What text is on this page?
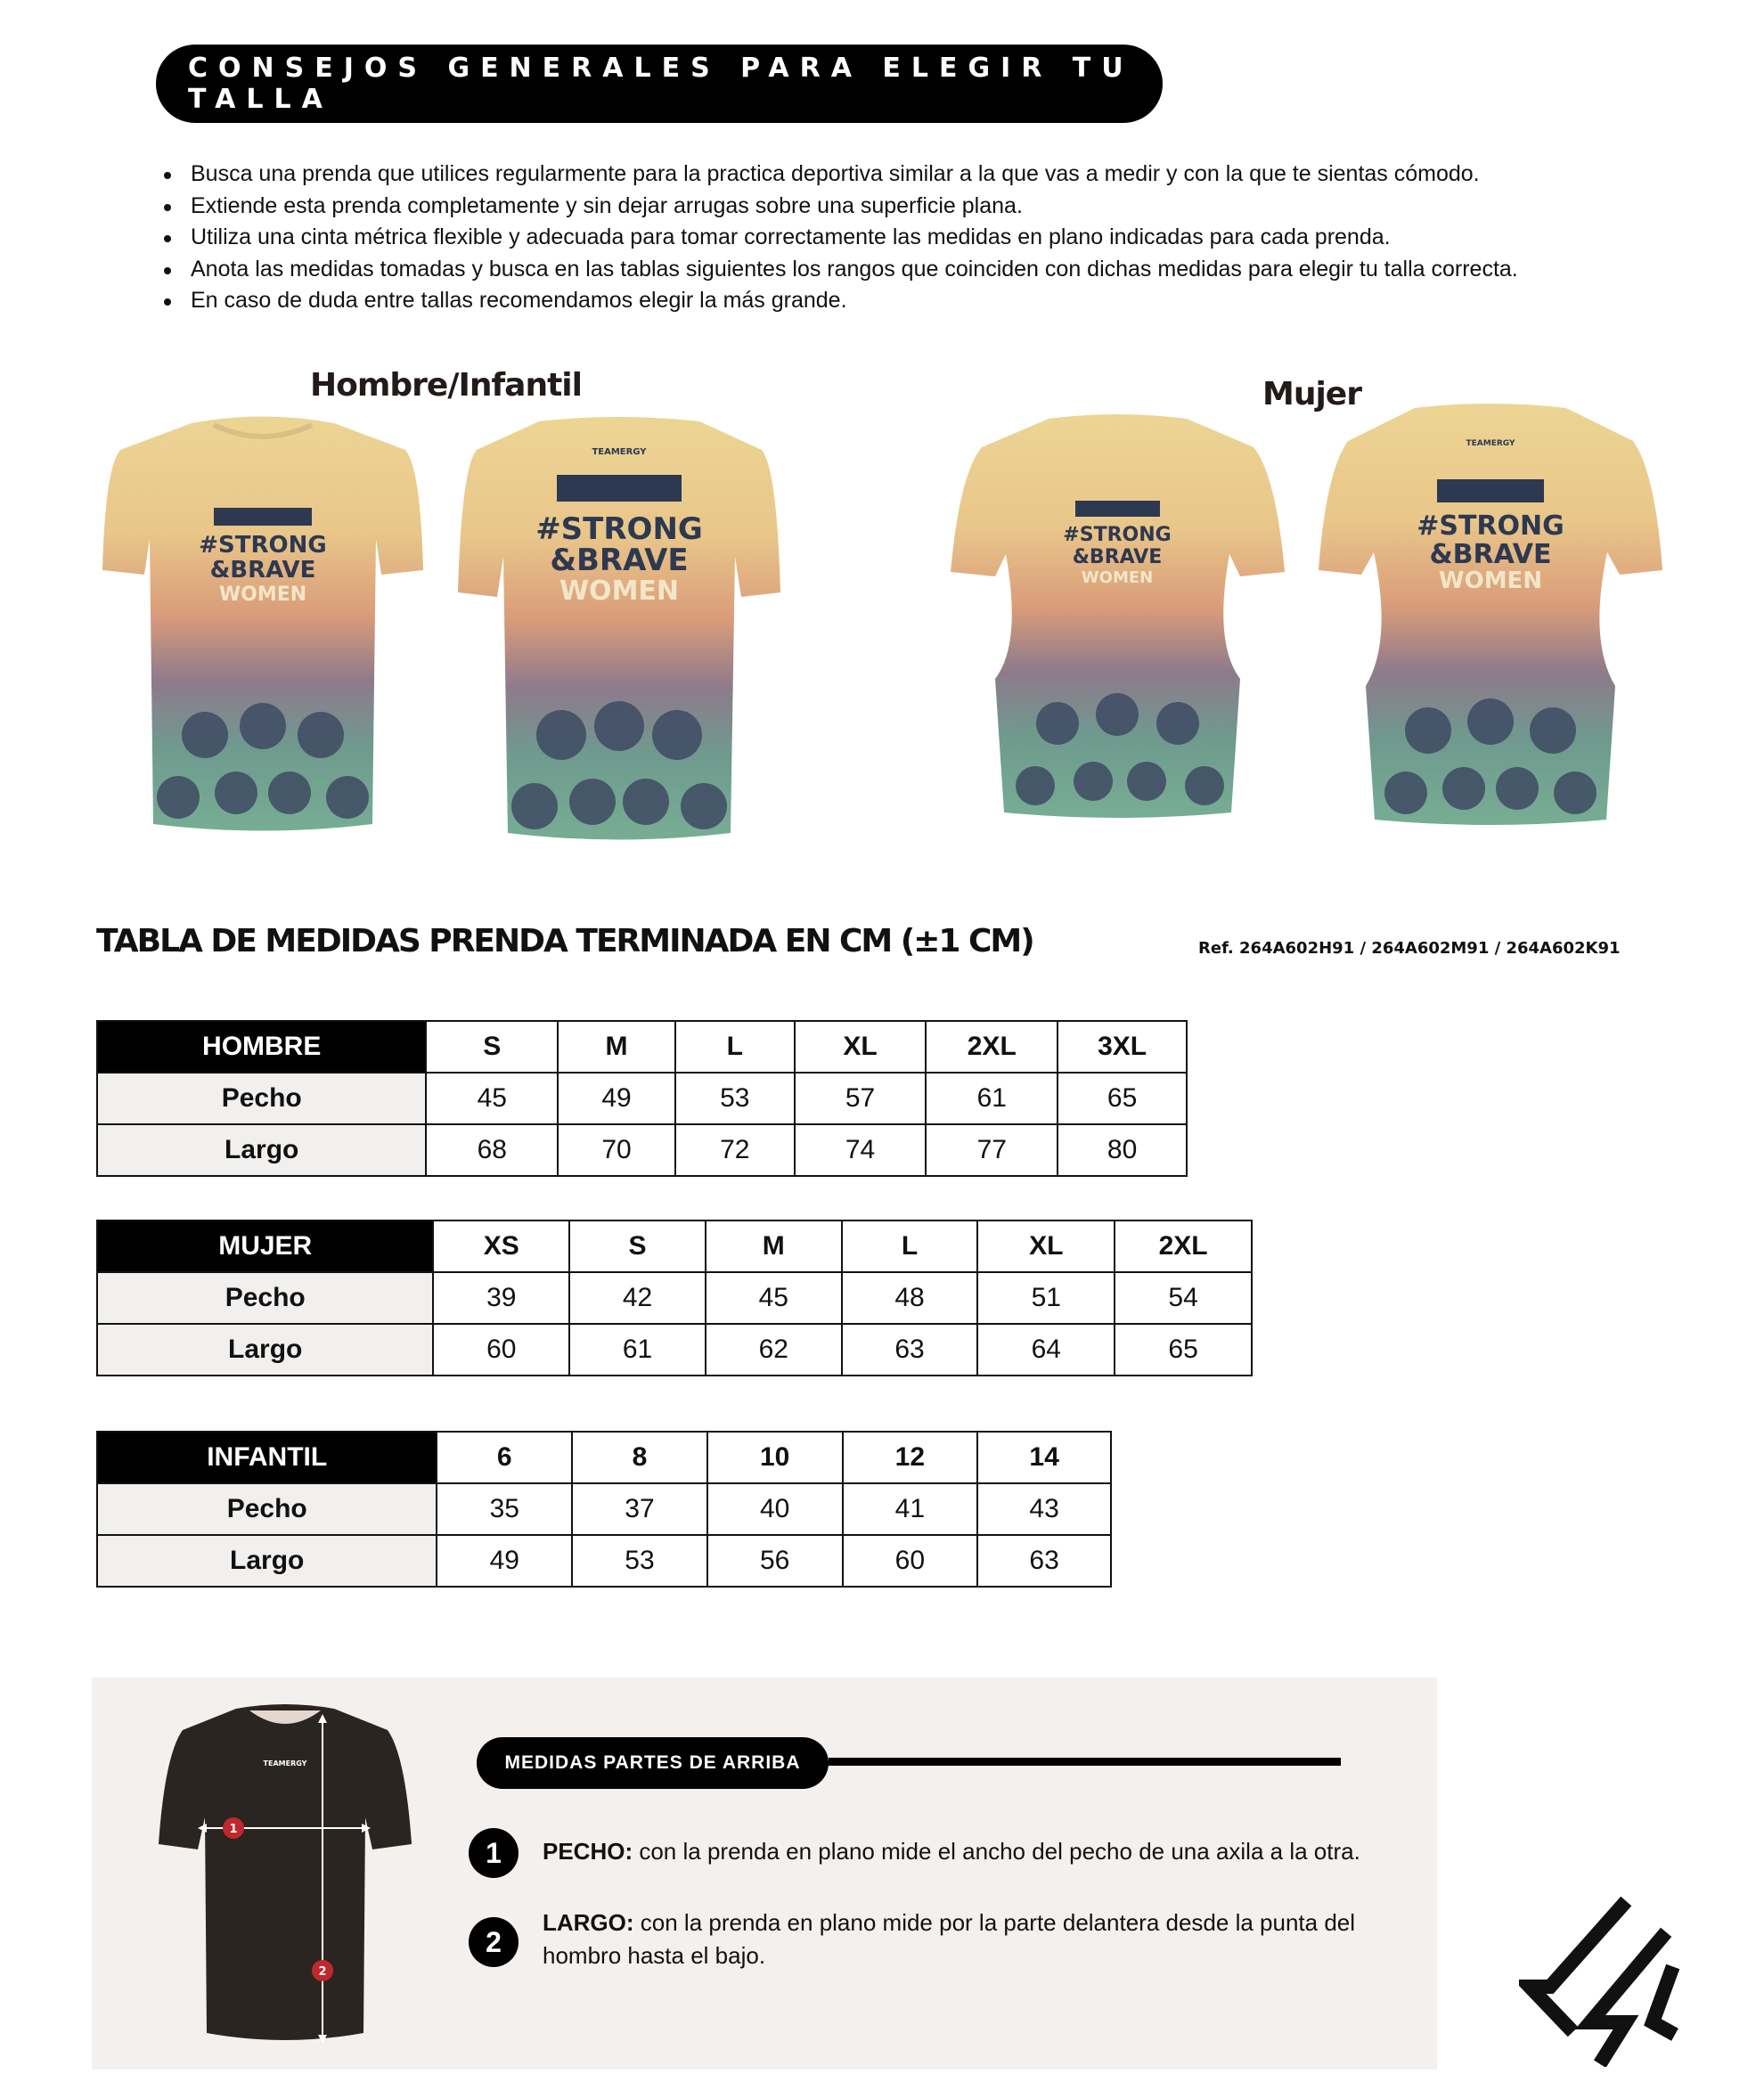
CONSEJOS GENERALES PARA ELEGIR TU TALLA
Busca una prenda que utilices regularmente para la practica deportiva similar a la que vas a medir y con la que te sientas cómodo.
Extiende esta prenda completamente y sin dejar arrugas sobre una superficie plana.
Utiliza una cinta métrica flexible y adecuada para tomar correctamente las medidas en plano indicadas para cada prenda.
Anota las medidas tomadas y busca en las tablas siguientes los rangos que coinciden con dichas medidas para elegir tu talla correcta.
En caso de duda entre tallas recomendamos elegir la más grande.
Hombre/Infantil	Mujer
#STRONG
&BRAVE
WOMEN
TEAMERGY
#STRONG
&BRAVE
WOMEN
#STRONG
&BRAVE
WOMEN
TEAMERGY
#STRONG
&BRAVE
WOMEN
TABLA DE MEDIDAS PRENDA TERMINADA EN CM (±1 CM)	Ref. 264A602H91 / 264A602M91 / 264A602K91
HOMBRE	S	M	L	XL	2XL	3XL
Pecho	45	49	53	57	61	65
Largo	68	70	72	74	77	80
MUJER	XS	S	M	L	XL	2XL
Pecho	39	42	45	48	51	54
Largo	60	61	62	63	64	65
INFANTIL	6	8	10	12	14
Pecho	35	37	40	41	43
Largo	49	53	56	60	63
TEAMERGY
1
2
MEDIDAS PARTES DE ARRIBA
1 PECHO: con la prenda en plano mide el ancho del pecho de una axila a la otra.
2
LARGO: con la prenda en plano mide por la parte delantera desde la punta del hombro hasta el bajo.
